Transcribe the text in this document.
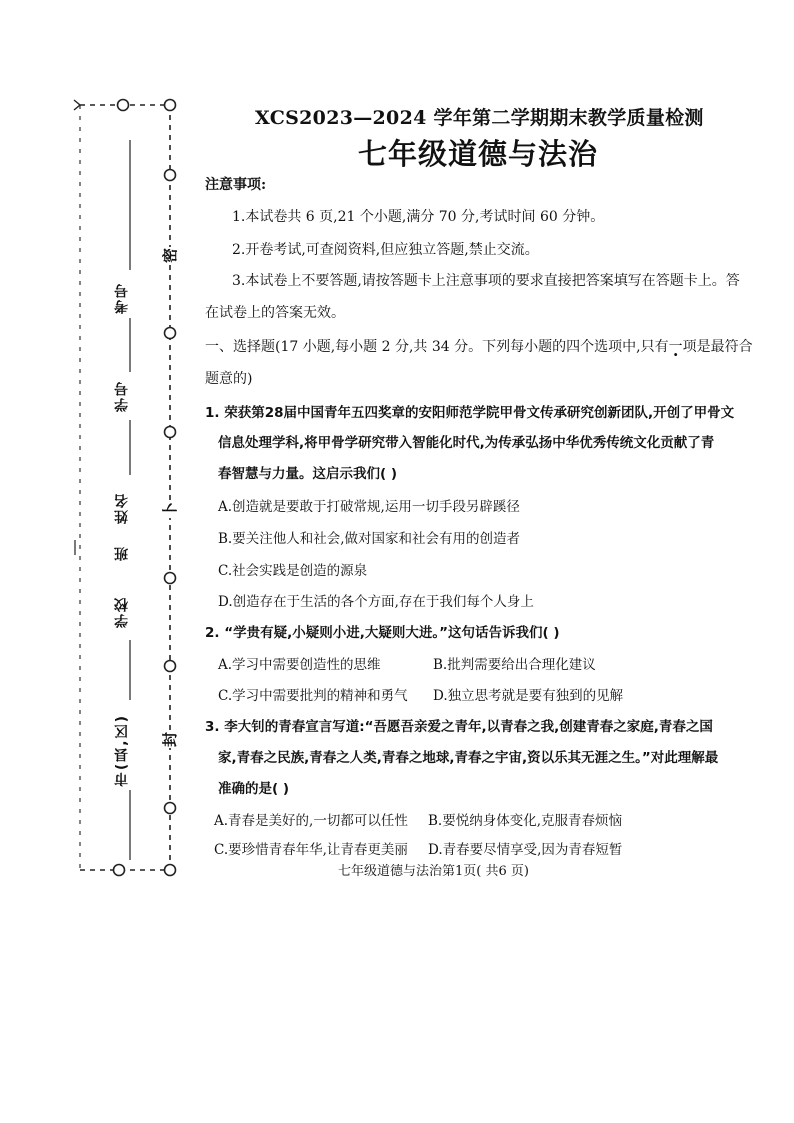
考号
学号
姓名
班
学校
市(县,区)
密
卜
封
XCS2023—2024 学年第二学期期末教学质量检测
七年级道德与法治
注意事项:
1.本试卷共 6 页,21 个小题,满分 70 分,考试时间 60 分钟。
2.开卷考试,可查阅资料,但应独立答题,禁止交流。
3.本试卷上不要答题,请按答题卡上注意事项的要求直接把答案填写在答题卡上。答
在试卷上的答案无效。
一、选择题(17 小题,每小题 2 分,共 34 分。下列每小题的四个选项中,只有一项是最符合
题意的)
1. 荣获第28届中国青年五四奖章的安阳师范学院甲骨文传承研究创新团队,开创了甲骨文
信息处理学科,将甲骨学研究带入智能化时代,为传承弘扬中华优秀传统文化贡献了青
春智慧与力量。这启示我们( )
A.创造就是要敢于打破常规,运用一切手段另辟蹊径
B.要关注他人和社会,做对国家和社会有用的创造者
C.社会实践是创造的源泉
D.创造存在于生活的各个方面,存在于我们每个人身上
2. “学贵有疑,小疑则小进,大疑则大进。”这句话告诉我们( )
A.学习中需要创造性的思维	B.批判需要给出合理化建议
C.学习中需要批判的精神和勇气 D.独立思考就是要有独到的见解
3. 李大钊的青春宣言写道:“吾愿吾亲爱之青年,以青春之我,创建青春之家庭,青春之国
家,青春之民族,青春之人类,青春之地球,青春之宇宙,资以乐其无涯之生。”对此理解最
准确的是( )
A.青春是美好的,一切都可以任性 B.要悦纳身体变化,克服青春烦恼
C.要珍惜青春年华,让青春更美丽 D.青春要尽情享受,因为青春短暂
七年级道德与法治第1页( 共6 页)
